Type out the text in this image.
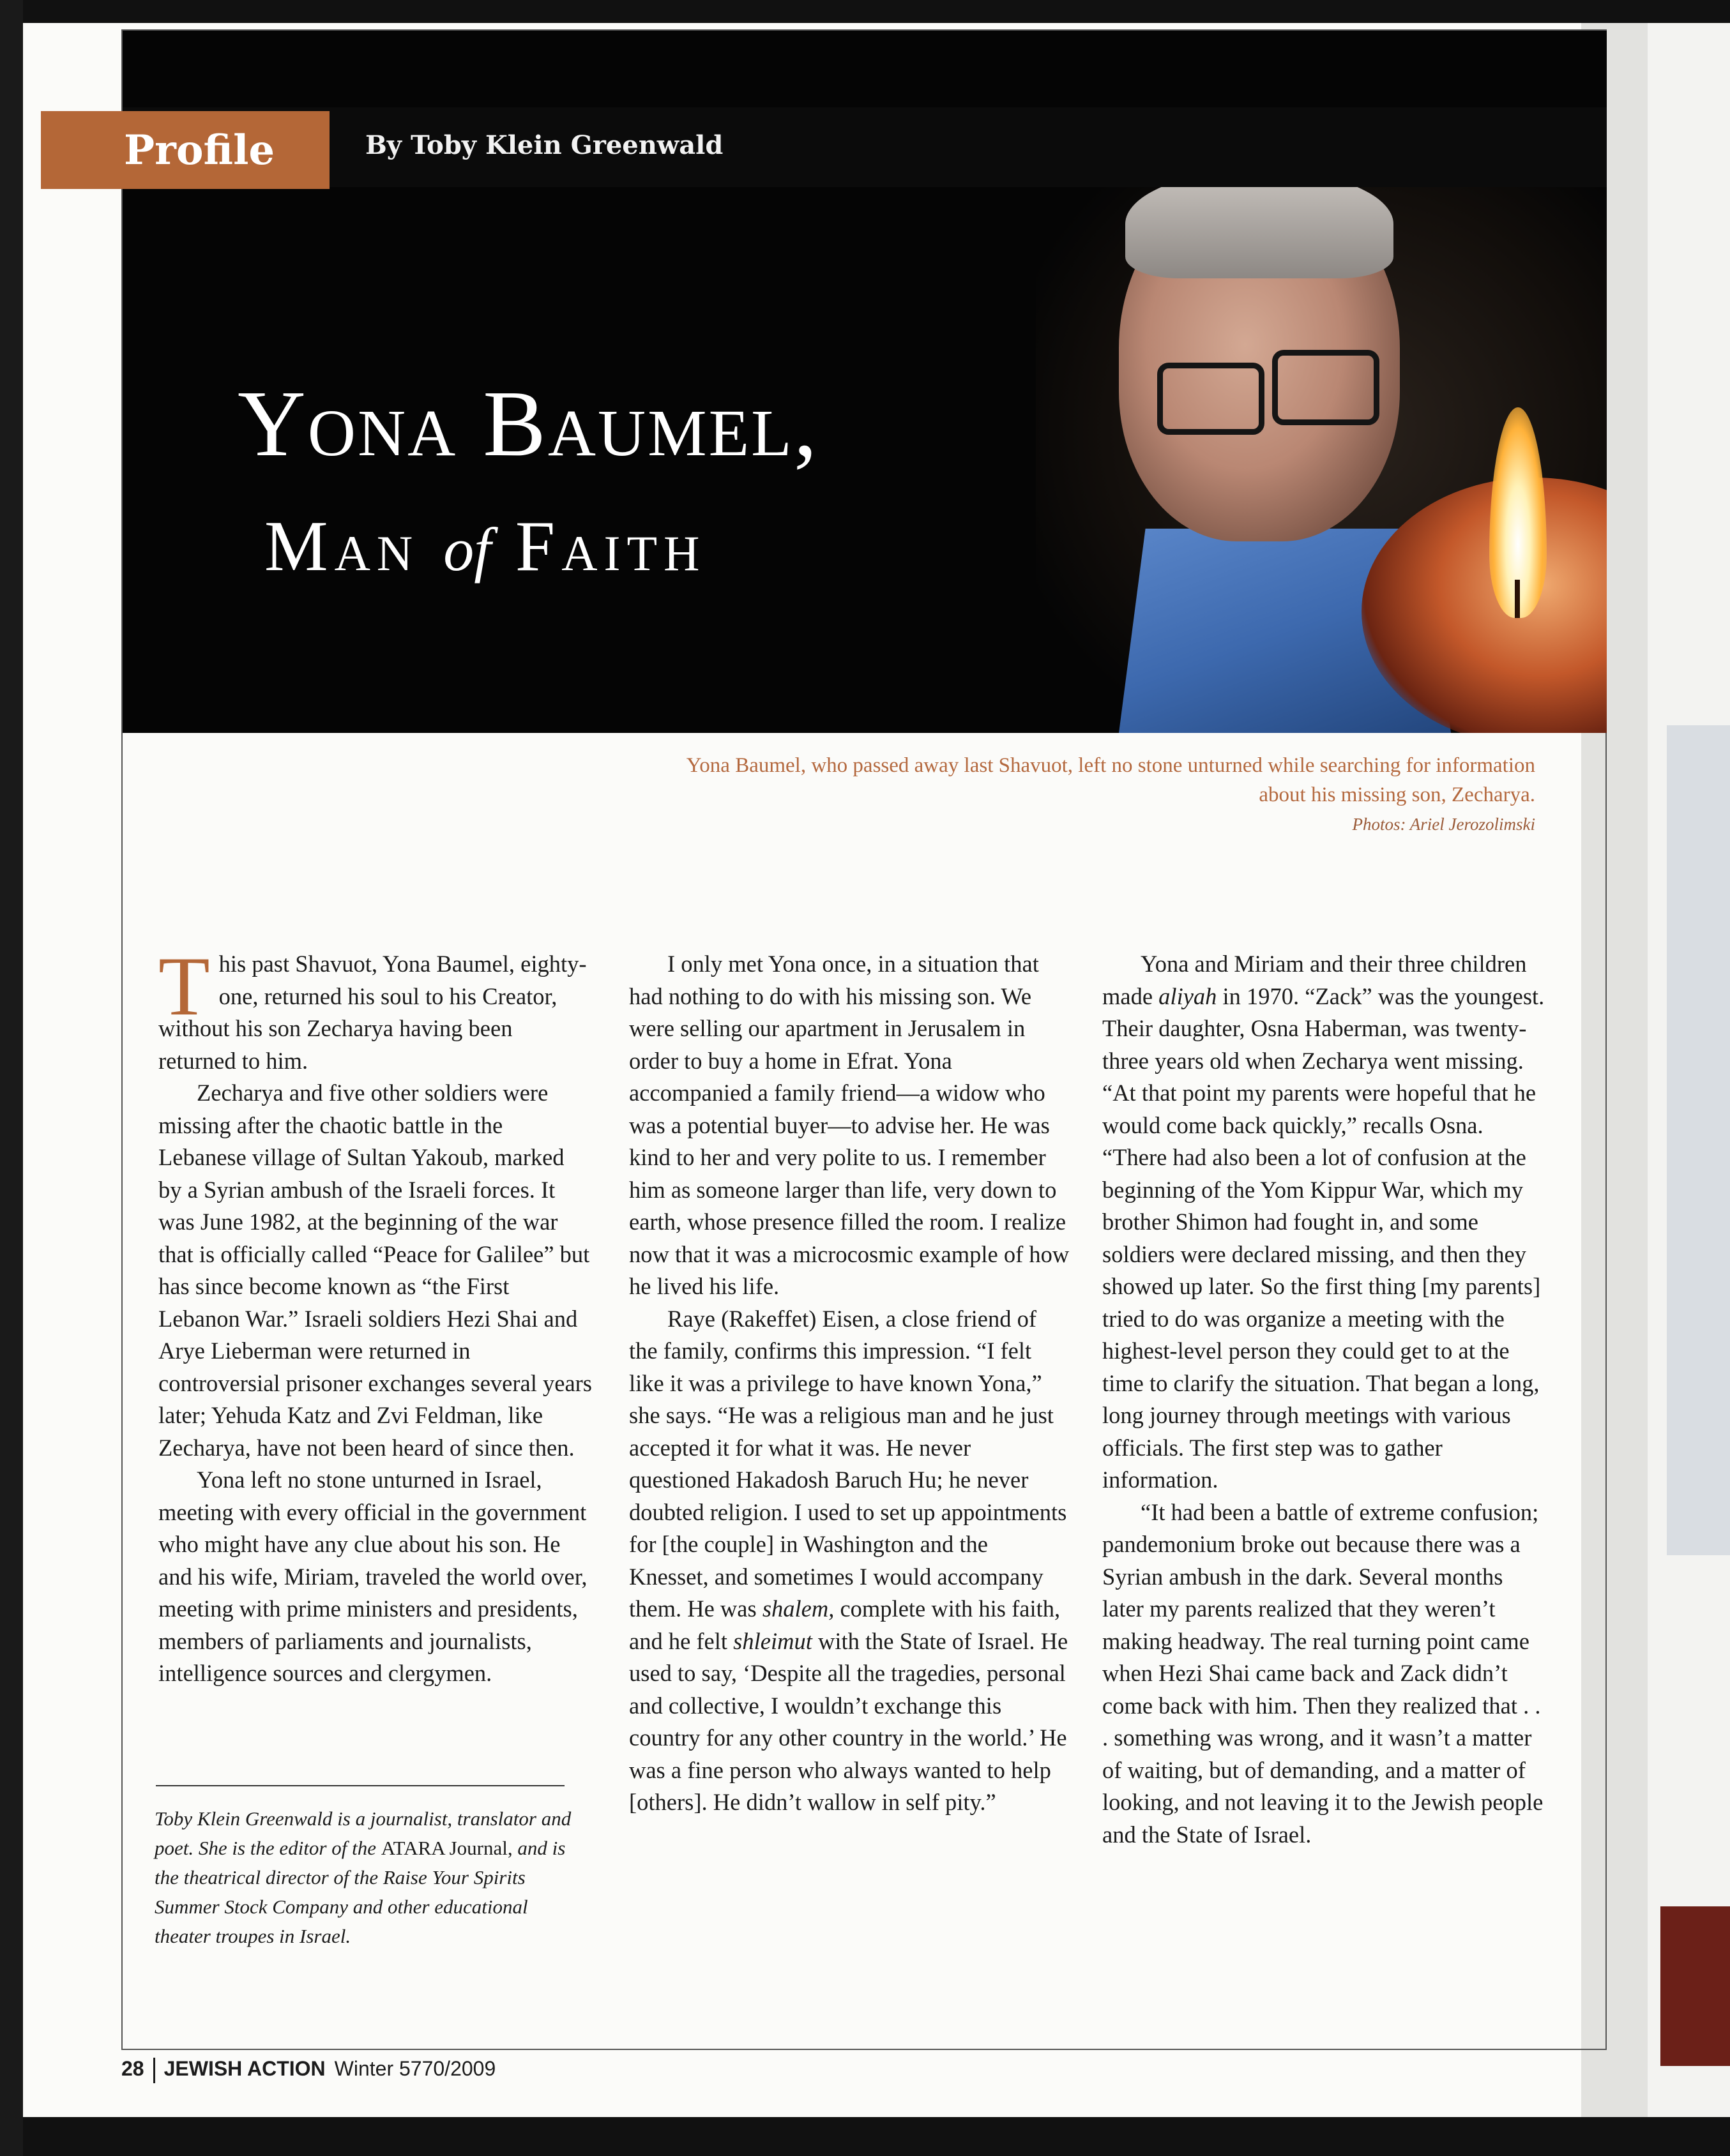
Profile	By Toby Klein Greenwald
Yona Baumel,
Man of Faith
Yona Baumel, who passed away last Shavuot, left no stone unturned while searching for information about his missing son, Zecharya.
Photos: Ariel Jerozolimski

This past Shavuot, Yona Baumel, eighty-one, returned his soul to his Creator, without his son Zecharya having been returned to him.

Zecharya and five other soldiers were missing after the chaotic battle in the Lebanese village of Sultan Yakoub, marked by a Syrian ambush of the Israeli forces. It was June 1982, at the beginning of the war that is officially called “Peace for Galilee” but has since become known as “the First Lebanon War.” Israeli soldiers Hezi Shai and Arye Lieberman were returned in controversial prisoner exchanges several years later; Yehuda Katz and Zvi Feldman, like Zecharya, have not been heard of since then.

Yona left no stone unturned in Israel, meeting with every official in the government who might have any clue about his son. He and his wife, Miriam, traveled the world over, meeting with prime ministers and presidents, members of parliaments and journalists, intelligence sources and clergymen.

Toby Klein Greenwald is a journalist, translator and poet. She is the editor of the ATARA Journal, and is the theatrical director of the Raise Your Spirits Summer Stock Company and other educational theater troupes in Israel.

I only met Yona once, in a situation that had nothing to do with his missing son. We were selling our apartment in Jerusalem in order to buy a home in Efrat. Yona accompanied a family friend—a widow who was a potential buyer—to advise her. He was kind to her and very polite to us. I remember him as someone larger than life, very down to earth, whose presence filled the room. I realize now that it was a microcosmic example of how he lived his life.

Raye (Rakeffet) Eisen, a close friend of the family, confirms this impression. “I felt like it was a privilege to have known Yona,” she says. “He was a religious man and he just accepted it for what it was. He never questioned Hakadosh Baruch Hu; he never doubted religion. I used to set up appointments for [the couple] in Washington and the Knesset, and sometimes I would accompany them. He was shalem, complete with his faith, and he felt shleimut with the State of Israel. He used to say, ‘Despite all the tragedies, personal and collective, I wouldn’t exchange this country for any other country in the world.’ He was a fine person who always wanted to help [others]. He didn’t wallow in self pity.”

Yona and Miriam and their three children made aliyah in 1970. “Zack” was the youngest. Their daughter, Osna Haberman, was twenty-three years old when Zecharya went missing. “At that point my parents were hopeful that he would come back quickly,” recalls Osna. “There had also been a lot of confusion at the beginning of the Yom Kippur War, which my brother Shimon had fought in, and some soldiers were declared missing, and then they showed up later. So the first thing [my parents] tried to do was organize a meeting with the highest-level person they could get to at the time to clarify the situation. That began a long, long journey through meetings with various officials. The first step was to gather information.

“It had been a battle of extreme confusion; pandemonium broke out because there was a Syrian ambush in the dark. Several months later my parents realized that they weren’t making headway. The real turning point came when Hezi Shai came back and Zack didn’t come back with him. Then they realized that . . . something was wrong, and it wasn’t a matter of waiting, but of demanding, and a matter of looking, and not leaving it to the Jewish people and the State of Israel.

28 JEWISH ACTION Winter 5770/2009
